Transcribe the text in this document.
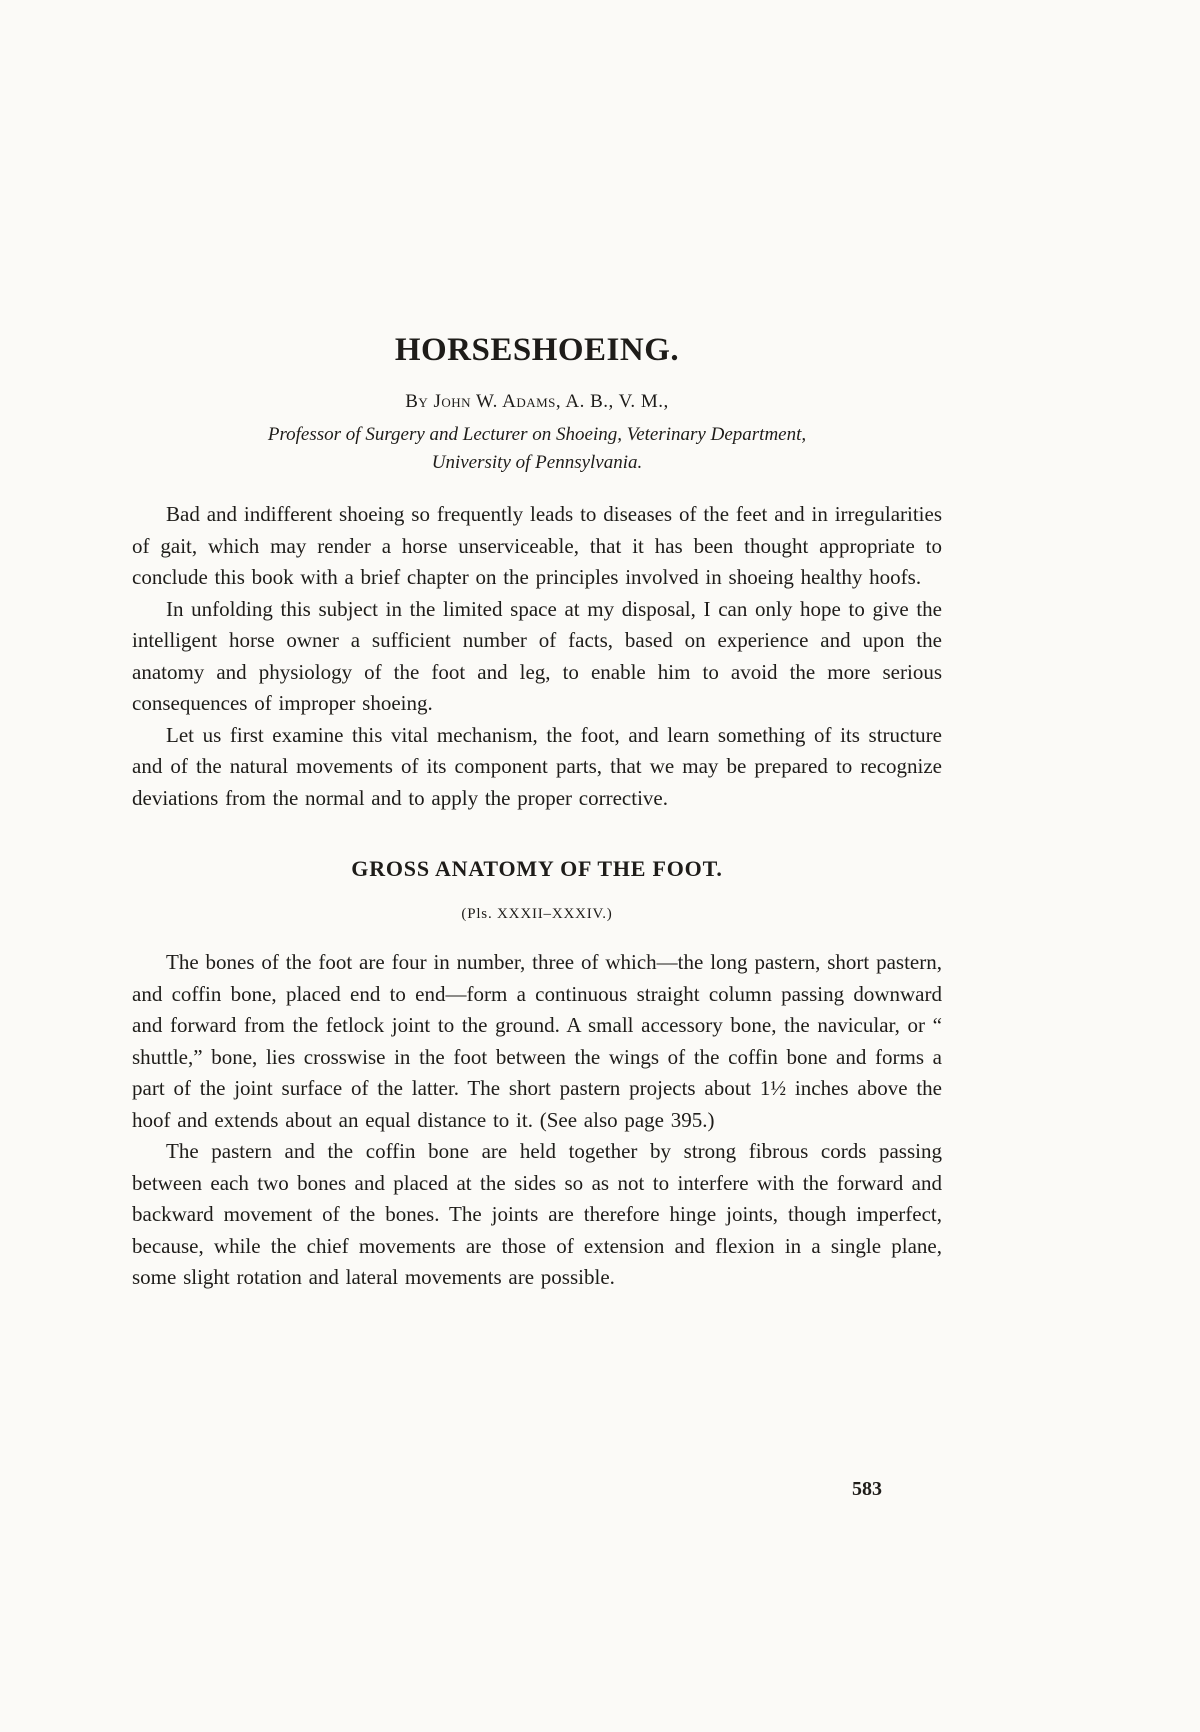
HORSESHOEING.
By John W. Adams, A. B., V. M.,
Professor of Surgery and Lecturer on Shoeing, Veterinary Department,
University of Pennsylvania.

Bad and indifferent shoeing so frequently leads to diseases of the feet and in irregularities of gait, which may render a horse unserviceable, that it has been thought appropriate to conclude this book with a brief chapter on the principles involved in shoeing healthy hoofs.

In unfolding this subject in the limited space at my disposal, I can only hope to give the intelligent horse owner a sufficient number of facts, based on experience and upon the anatomy and physiology of the foot and leg, to enable him to avoid the more serious consequences of improper shoeing.

Let us first examine this vital mechanism, the foot, and learn something of its structure and of the natural movements of its component parts, that we may be prepared to recognize deviations from the normal and to apply the proper corrective.

GROSS ANATOMY OF THE FOOT.
(Pls. XXXII–XXXIV.)

The bones of the foot are four in number, three of which—the long pastern, short pastern, and coffin bone, placed end to end—form a continuous straight column passing downward and forward from the fetlock joint to the ground. A small accessory bone, the navicular, or “ shuttle,” bone, lies crosswise in the foot between the wings of the coffin bone and forms a part of the joint surface of the latter. The short pastern projects about 1½ inches above the hoof and extends about an equal distance to it. (See also page 395.)

The pastern and the coffin bone are held together by strong fibrous cords passing between each two bones and placed at the sides so as not to interfere with the forward and backward movement of the bones. The joints are therefore hinge joints, though imperfect, because, while the chief movements are those of extension and flexion in a single plane, some slight rotation and lateral movements are possible.

583
